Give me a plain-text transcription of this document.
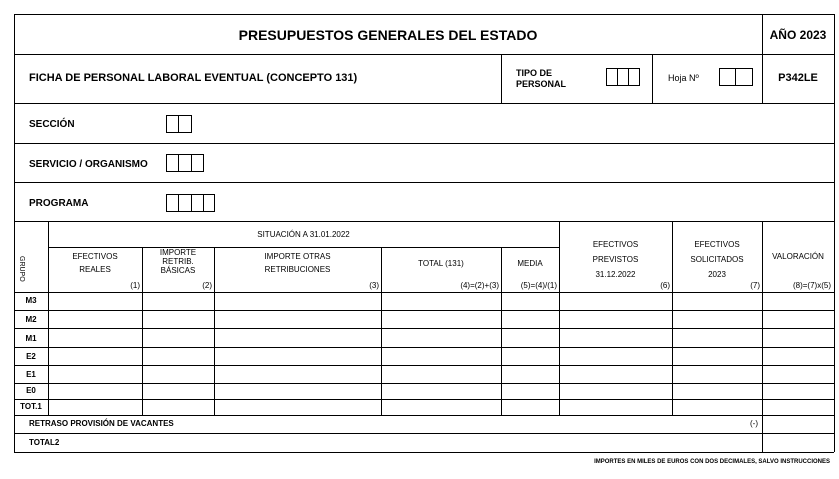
PRESUPUESTOS GENERALES DEL ESTADO	AÑO 2023
FICHA DE PERSONAL LABORAL EVENTUAL (CONCEPTO 131)	TIPO DE
PERSONAL
Hoja Nº	P342LE
SECCIÓN
SERVICIO / ORGANISMO
PROGRAMA
GRUPO
SITUACIÓN A 31.01.2022
EFECTIVOS
REALES
(1)
IMPORTE
RETRIB.
BÁSICAS
(2)
IMPORTE OTRAS
RETRIBUCIONES
(3)
TOTAL (131)
(4)=(2)+(3)
MEDIA
(5)=(4)/(1)
EFECTIVOS
PREVISTOS
31.12.2022
(6)
EFECTIVOS
SOLICITADOS
2023
(7)
VALORACIÓN
(8)=(7)x(5)
M3
M2
M1
E2
E1
E0
TOT.1
RETRASO PROVISIÓN DE VACANTES	(-)
TOTAL2
IMPORTES EN MILES DE EUROS CON DOS DECIMALES, SALVO INSTRUCCIONES
